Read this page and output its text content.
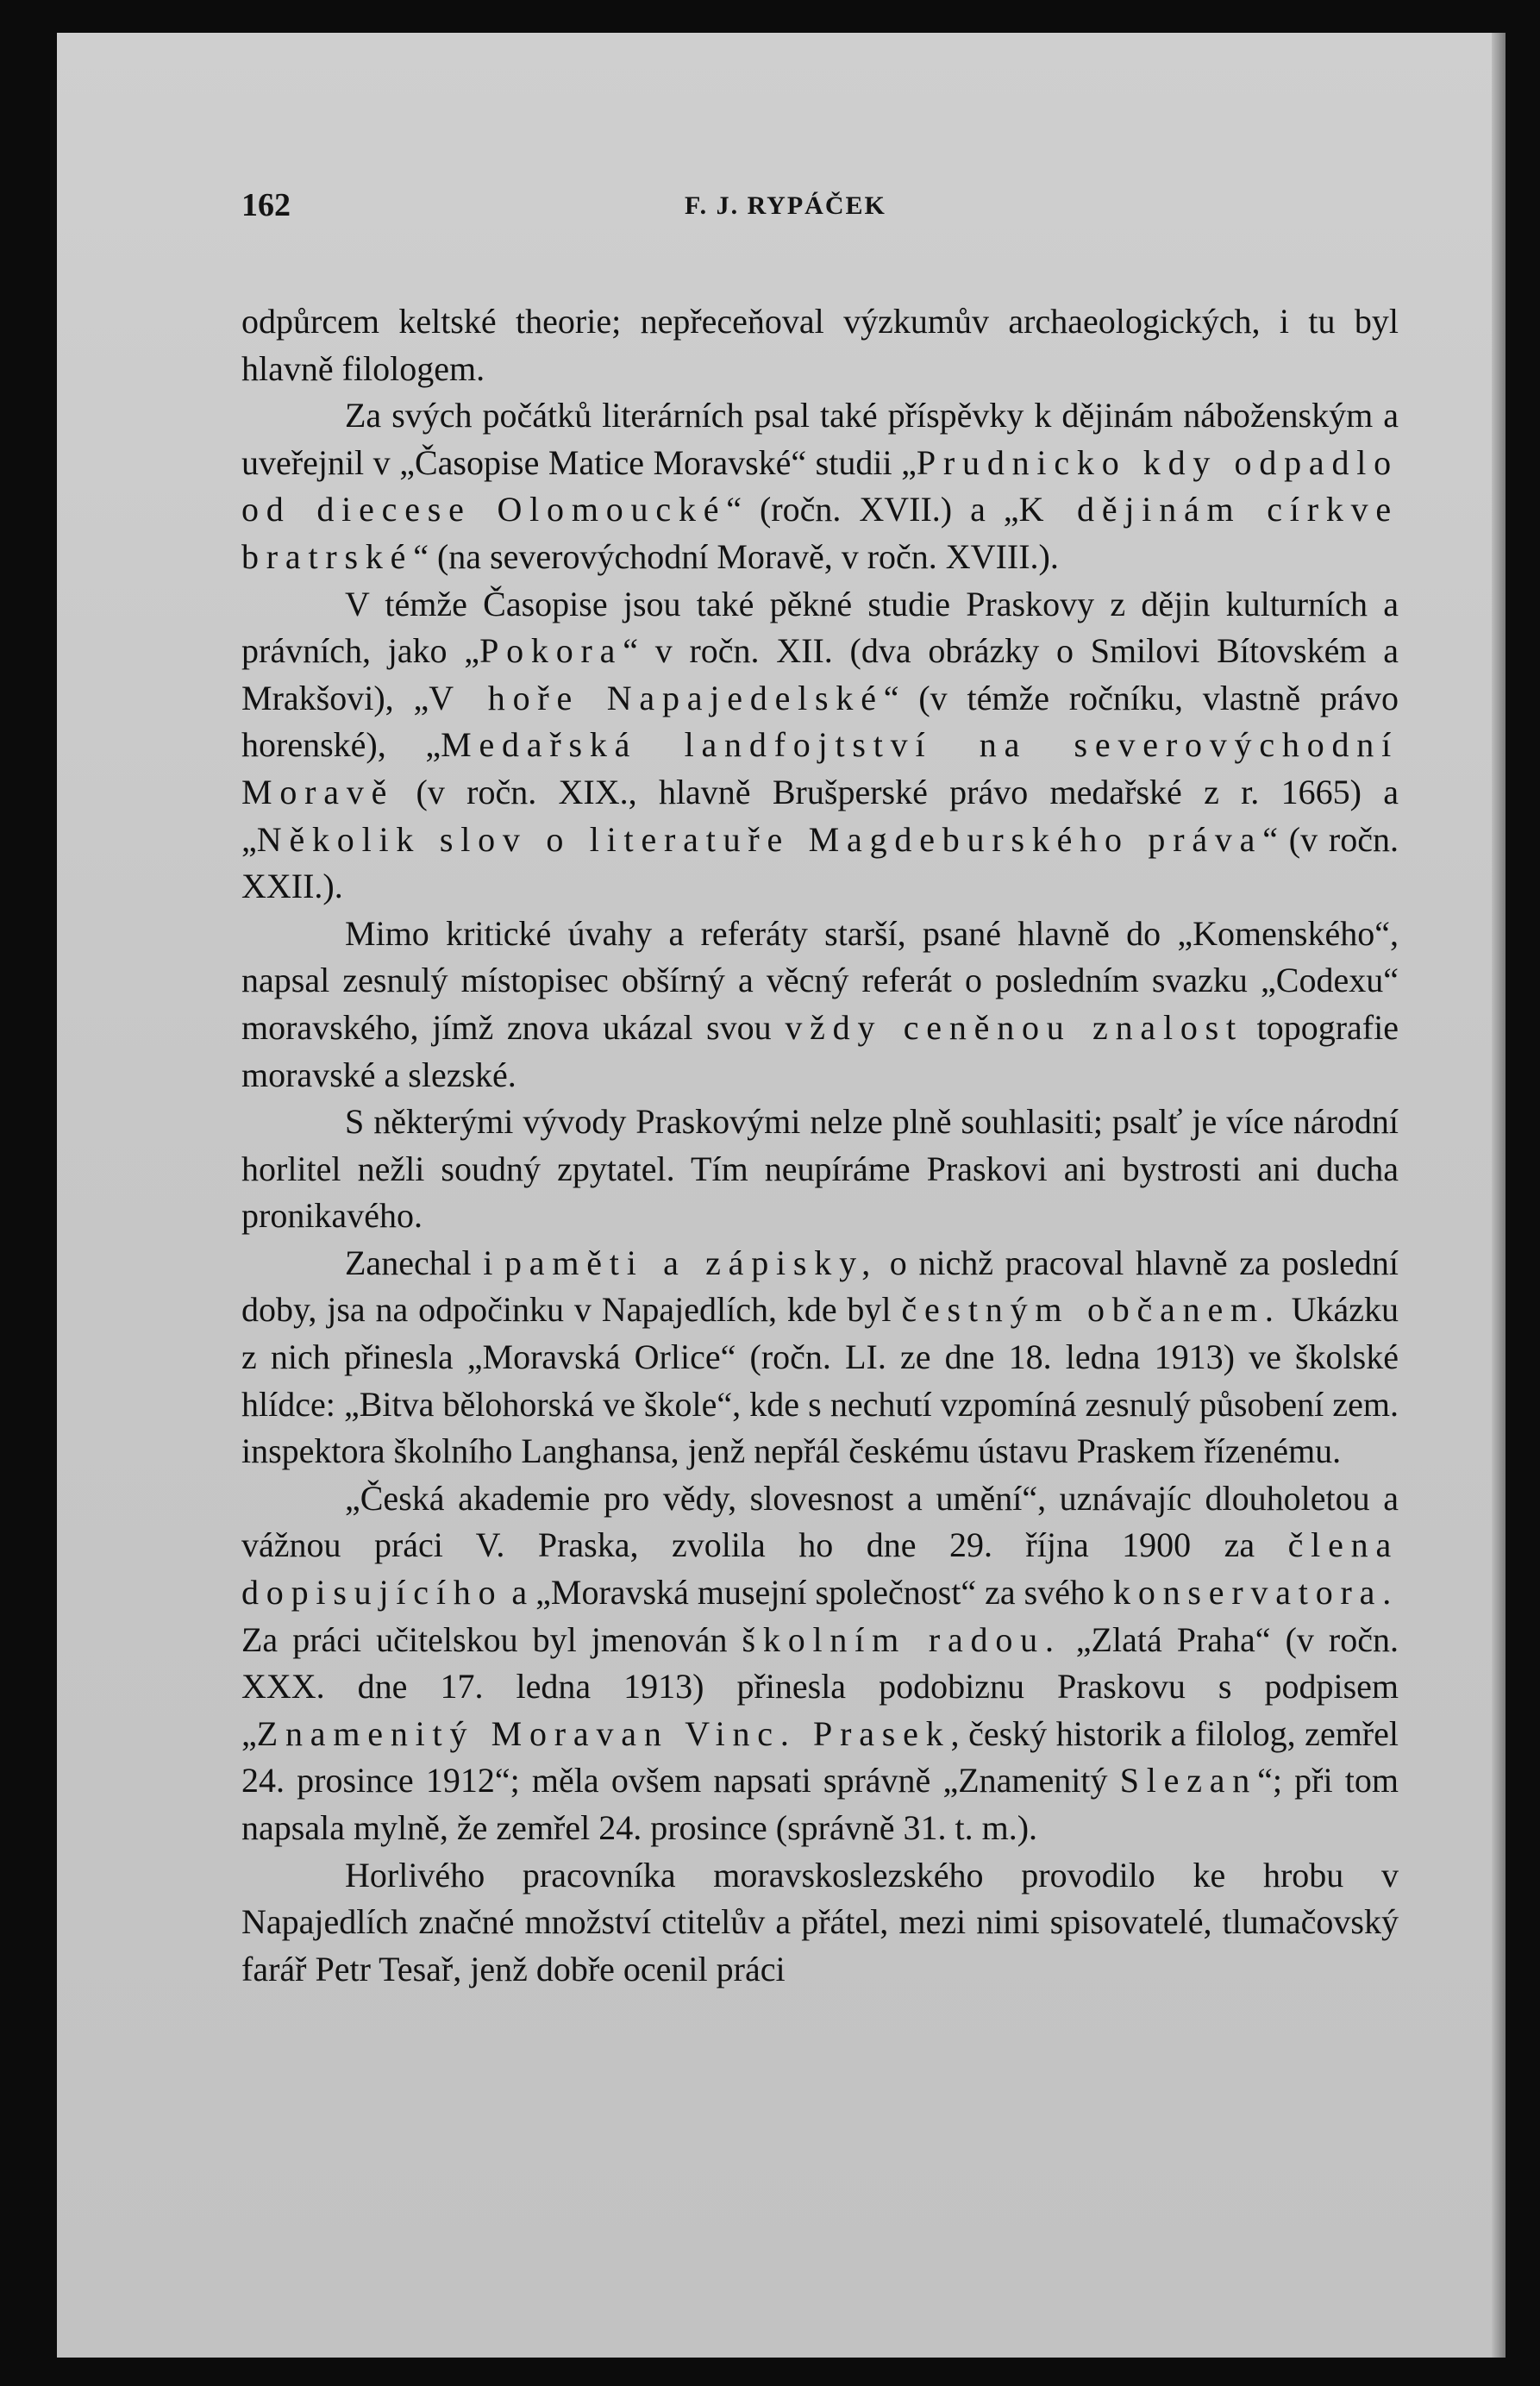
162	F. J. RYPÁČEK

odpůrcem keltské theorie; nepřeceňoval výzkumův archaeologických, i tu byl hlavně filologem.

Za svých počátků literárních psal také příspěvky k dějinám náboženským a uveřejnil v „Časopise Matice Moravské“ studii „Prudnicko kdy odpadlo od diecese Olomoucké“ (ročn. XVII.) a „K dějinám církve bratrské“ (na severovýchodní Moravě, v ročn. XVIII.).

V témže Časopise jsou také pěkné studie Praskovy z dějin kulturních a právních, jako „Pokora“ v ročn. XII. (dva obrázky o Smilovi Bítovském a Mrakšovi), „V hoře Napajedelské“ (v témže ročníku, vlastně právo horenské), „Medařská landfojtství na severovýchodní Moravě (v ročn. XIX., hlavně Brušperské právo medařské z r. 1665) a „Několik slov o literatuře Magdeburského práva“ (v ročn. XXII.).

Mimo kritické úvahy a referáty starší, psané hlavně do „Komenského“, napsal zesnulý místopisec obšírný a věcný referát o posledním svazku „Codexu“ moravského, jímž znova ukázal svou vždy ceněnou znalost topografie moravské a slezské.

S některými vývody Praskovými nelze plně souhlasiti; psalť je více národní horlitel nežli soudný zpytatel. Tím neupíráme Praskovi ani bystrosti ani ducha pronikavého.

Zanechal i paměti a zápisky, o nichž pracoval hlavně za poslední doby, jsa na odpočinku v Napajedlích, kde byl čestným občanem. Ukázku z nich přinesla „Moravská Orlice“ (ročn. LI. ze dne 18. ledna 1913) ve školské hlídce: „Bitva bělohorská ve škole“, kde s nechutí vzpomíná zesnulý působení zem. inspektora školního Langhansa, jenž nepřál českému ústavu Praskem řízenému.

„Česká akademie pro vědy, slovesnost a umění“, uznávajíc dlouholetou a vážnou práci V. Praska, zvolila ho dne 29. října 1900 za člena dopisujícího a „Moravská musejní společnost“ za svého konservatora. Za práci učitelskou byl jmenován školním radou. „Zlatá Praha“ (v ročn. XXX. dne 17. ledna 1913) přinesla podobiznu Praskovu s podpisem „Znamenitý Moravan Vinc. Prasek, český historik a filolog, zemřel 24. prosince 1912“; měla ovšem napsati správně „Znamenitý Slezan“; při tom napsala mylně, že zemřel 24. prosince (správně 31. t. m.).

Horlivého pracovníka moravskoslezského provodilo ke hrobu v Napajedlích značné množství ctitelův a přátel, mezi nimi spisovatelé, tlumačovský farář Petr Tesař, jenž dobře ocenil práci
